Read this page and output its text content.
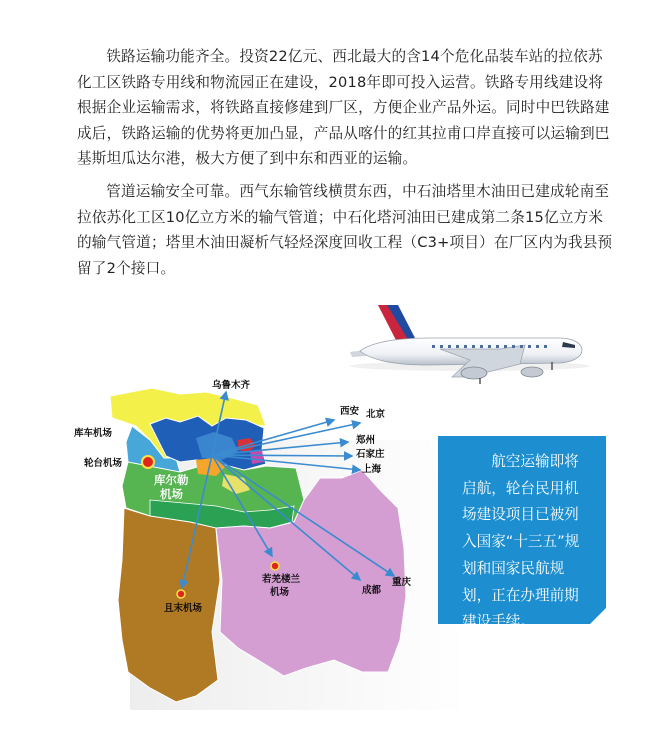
铁路运输功能齐全。投资22亿元、西北最大的含14个危化品装车站的拉依苏化工区铁路专用线和物流园正在建设，2018年即可投入运营。铁路专用线建设将根据企业运输需求，将铁路直接修建到厂区，方便企业产品外运。同时中巴铁路建成后，铁路运输的优势将更加凸显，产品从喀什的红其拉甫口岸直接可以运输到巴基斯坦瓜达尔港，极大方便了到中东和西亚的运输。

管道运输安全可靠。西气东输管线横贯东西，中石油塔里木油田已建成轮南至拉依苏化工区10亿立方米的输气管道；中石化塔河油田已建成第二条15亿立方米的输气管道；塔里木油田凝析气轻烃深度回收工程（C3+项目）在厂区内为我县预留了2个接口。

乌鲁木齐
库车机场
轮台机场
库尔勒
机场
西安 北京
郑州
石家庄
上海
若羌楼兰
机场
且末机场
成都
重庆

航空运输即将启航，轮台民用机场建设项目已被列入国家“十三五”规划和国家民航规划，正在办理前期建设手续。
